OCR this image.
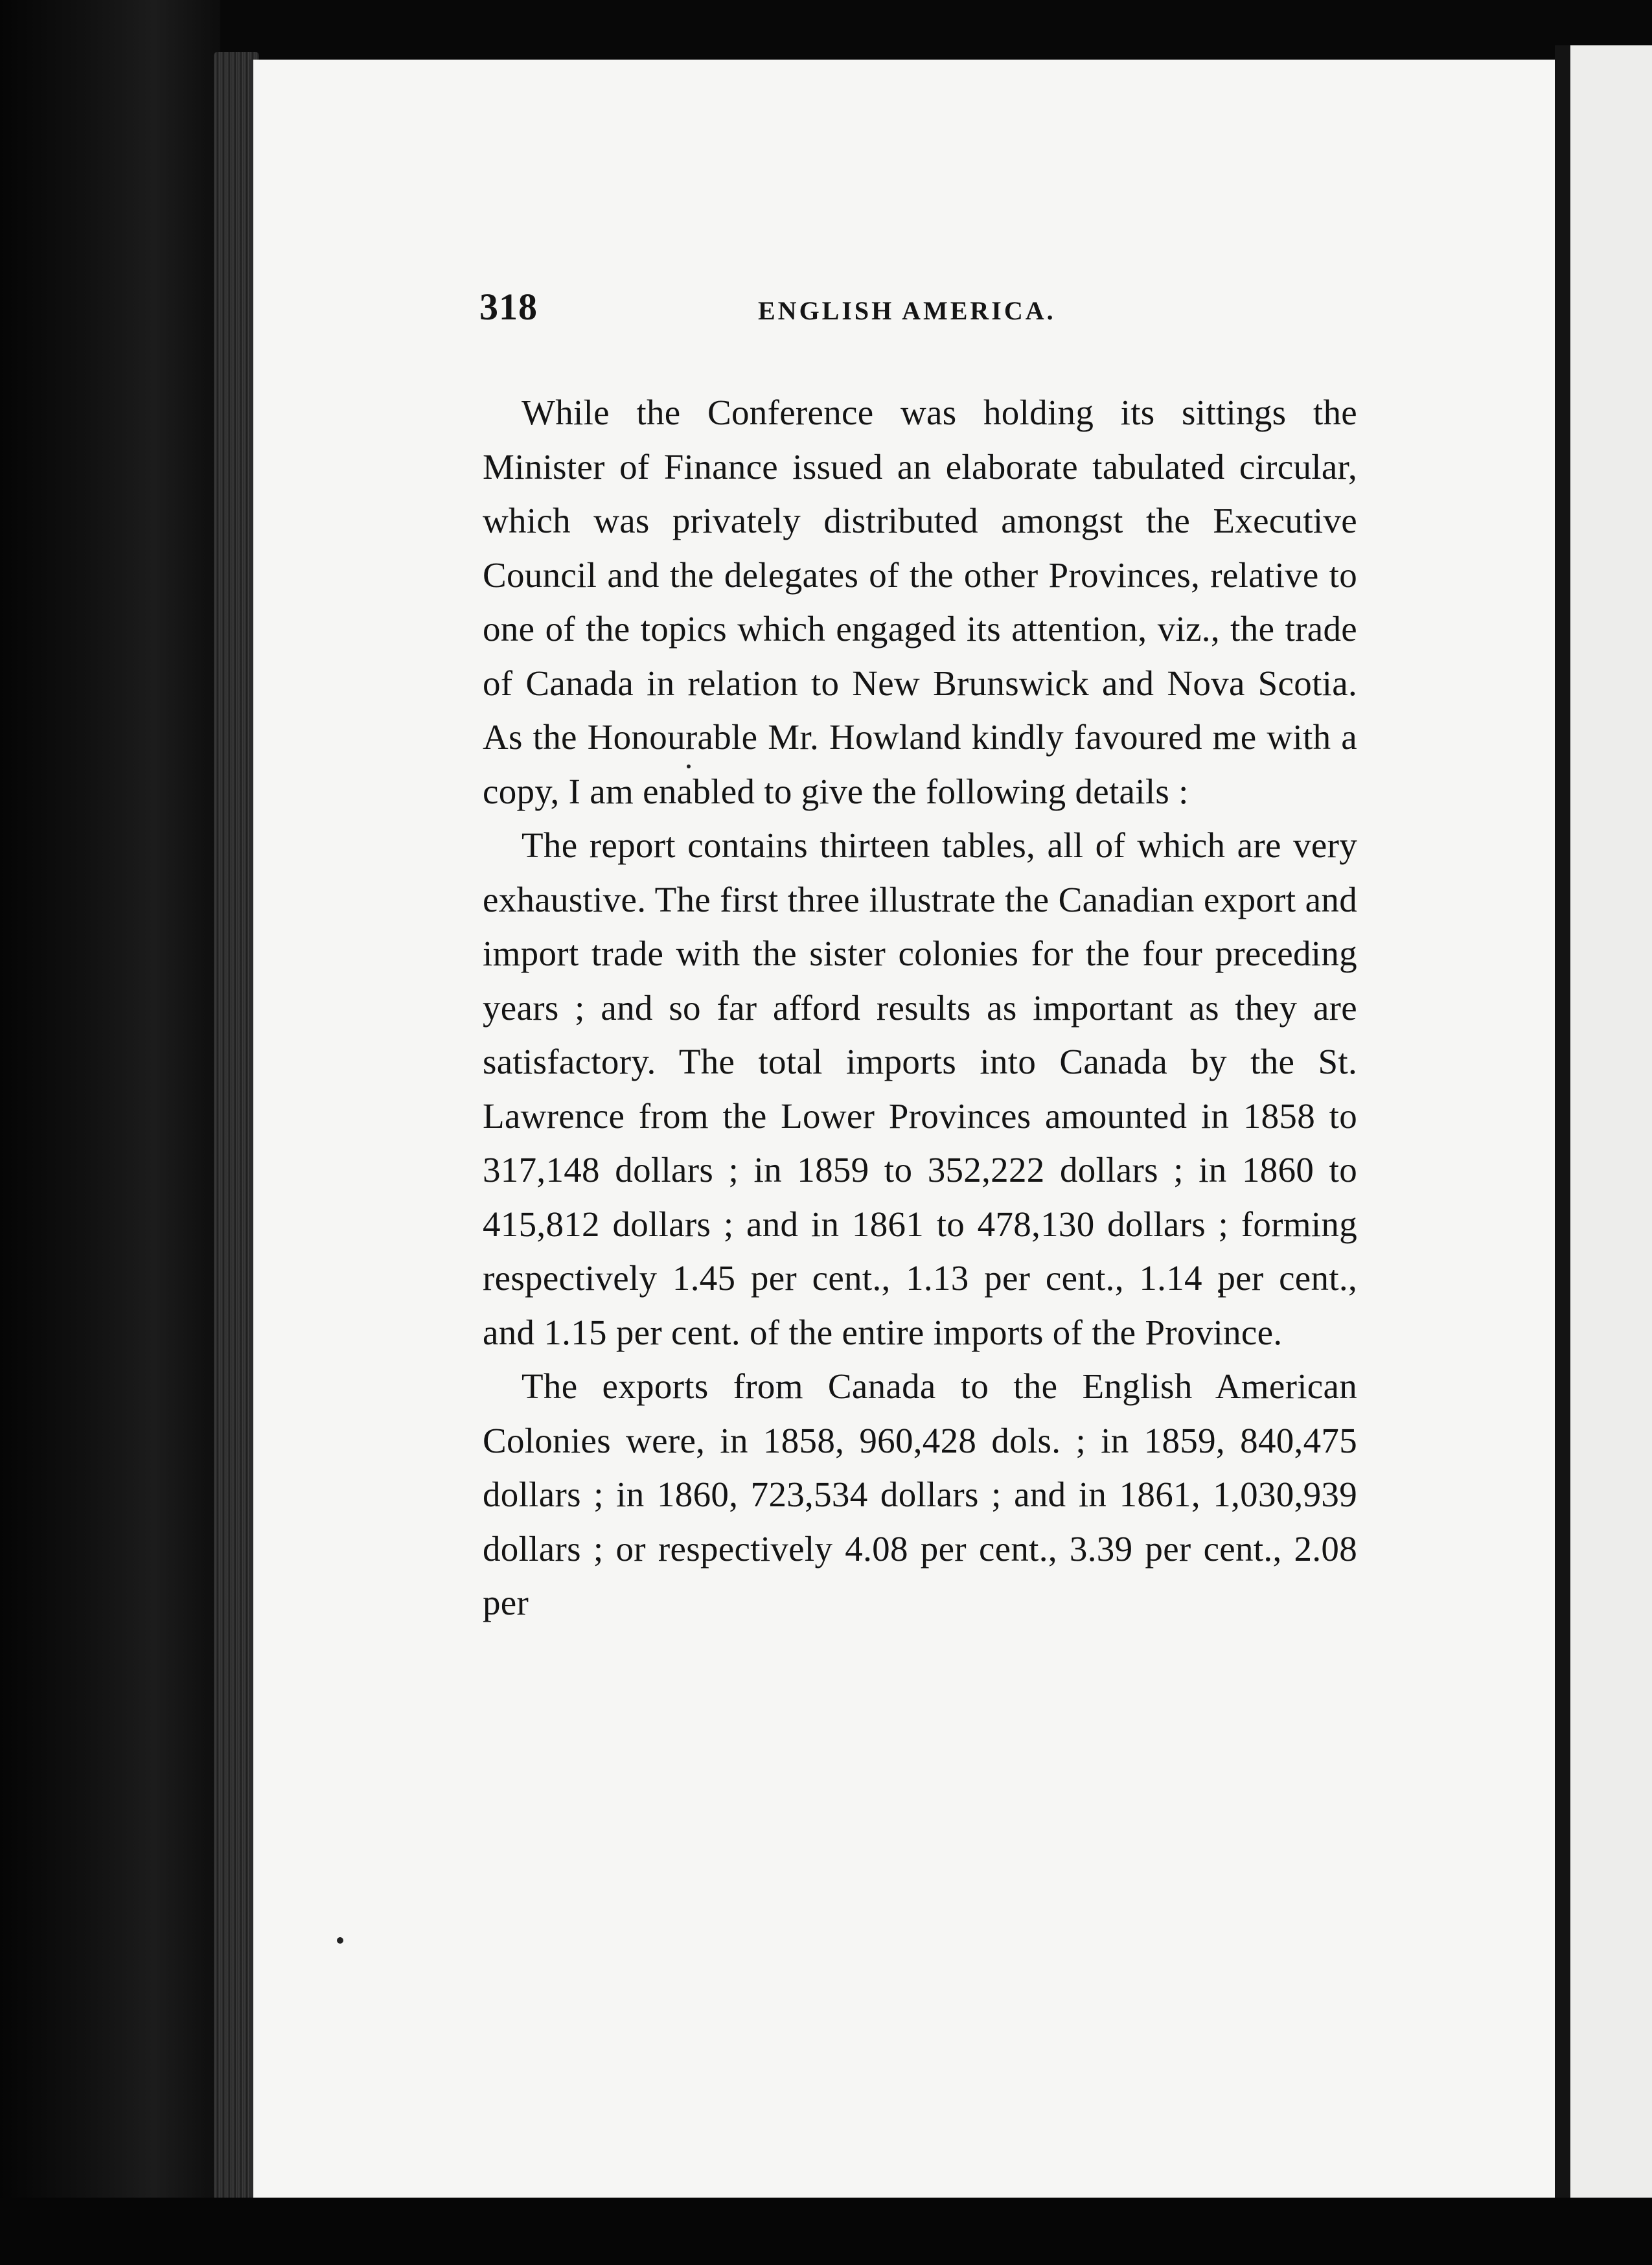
318	ENGLISH AMERICA.

While the Conference was holding its sittings the Minister of Finance issued an elaborate tabulated circular, which was privately distributed amongst the Executive Council and the delegates of the other Provinces, relative to one of the topics which engaged its attention, viz., the trade of Canada in relation to New Brunswick and Nova Scotia. As the Honourable Mr. Howland kindly favoured me with a copy, I am enabled to give the following details :

The report contains thirteen tables, all of which are very exhaustive. The first three illustrate the Canadian export and import trade with the sister colonies for the four preceding years ; and so far afford results as important as they are satisfactory. The total imports into Canada by the St. Lawrence from the Lower Provinces amounted in 1858 to 317,148 dollars ; in 1859 to 352,222 dollars ; in 1860 to 415,812 dollars ; and in 1861 to 478,130 dollars ; forming respectively 1.45 per cent., 1.13 per cent., 1.14 per cent., and 1.15 per cent. of the entire imports of the Province.

The exports from Canada to the English American Colonies were, in 1858, 960,428 dols. ; in 1859, 840,475 dollars ; in 1860, 723,534 dollars ; and in 1861, 1,030,939 dollars ; or respectively 4.08 per cent., 3.39 per cent., 2.08 per
